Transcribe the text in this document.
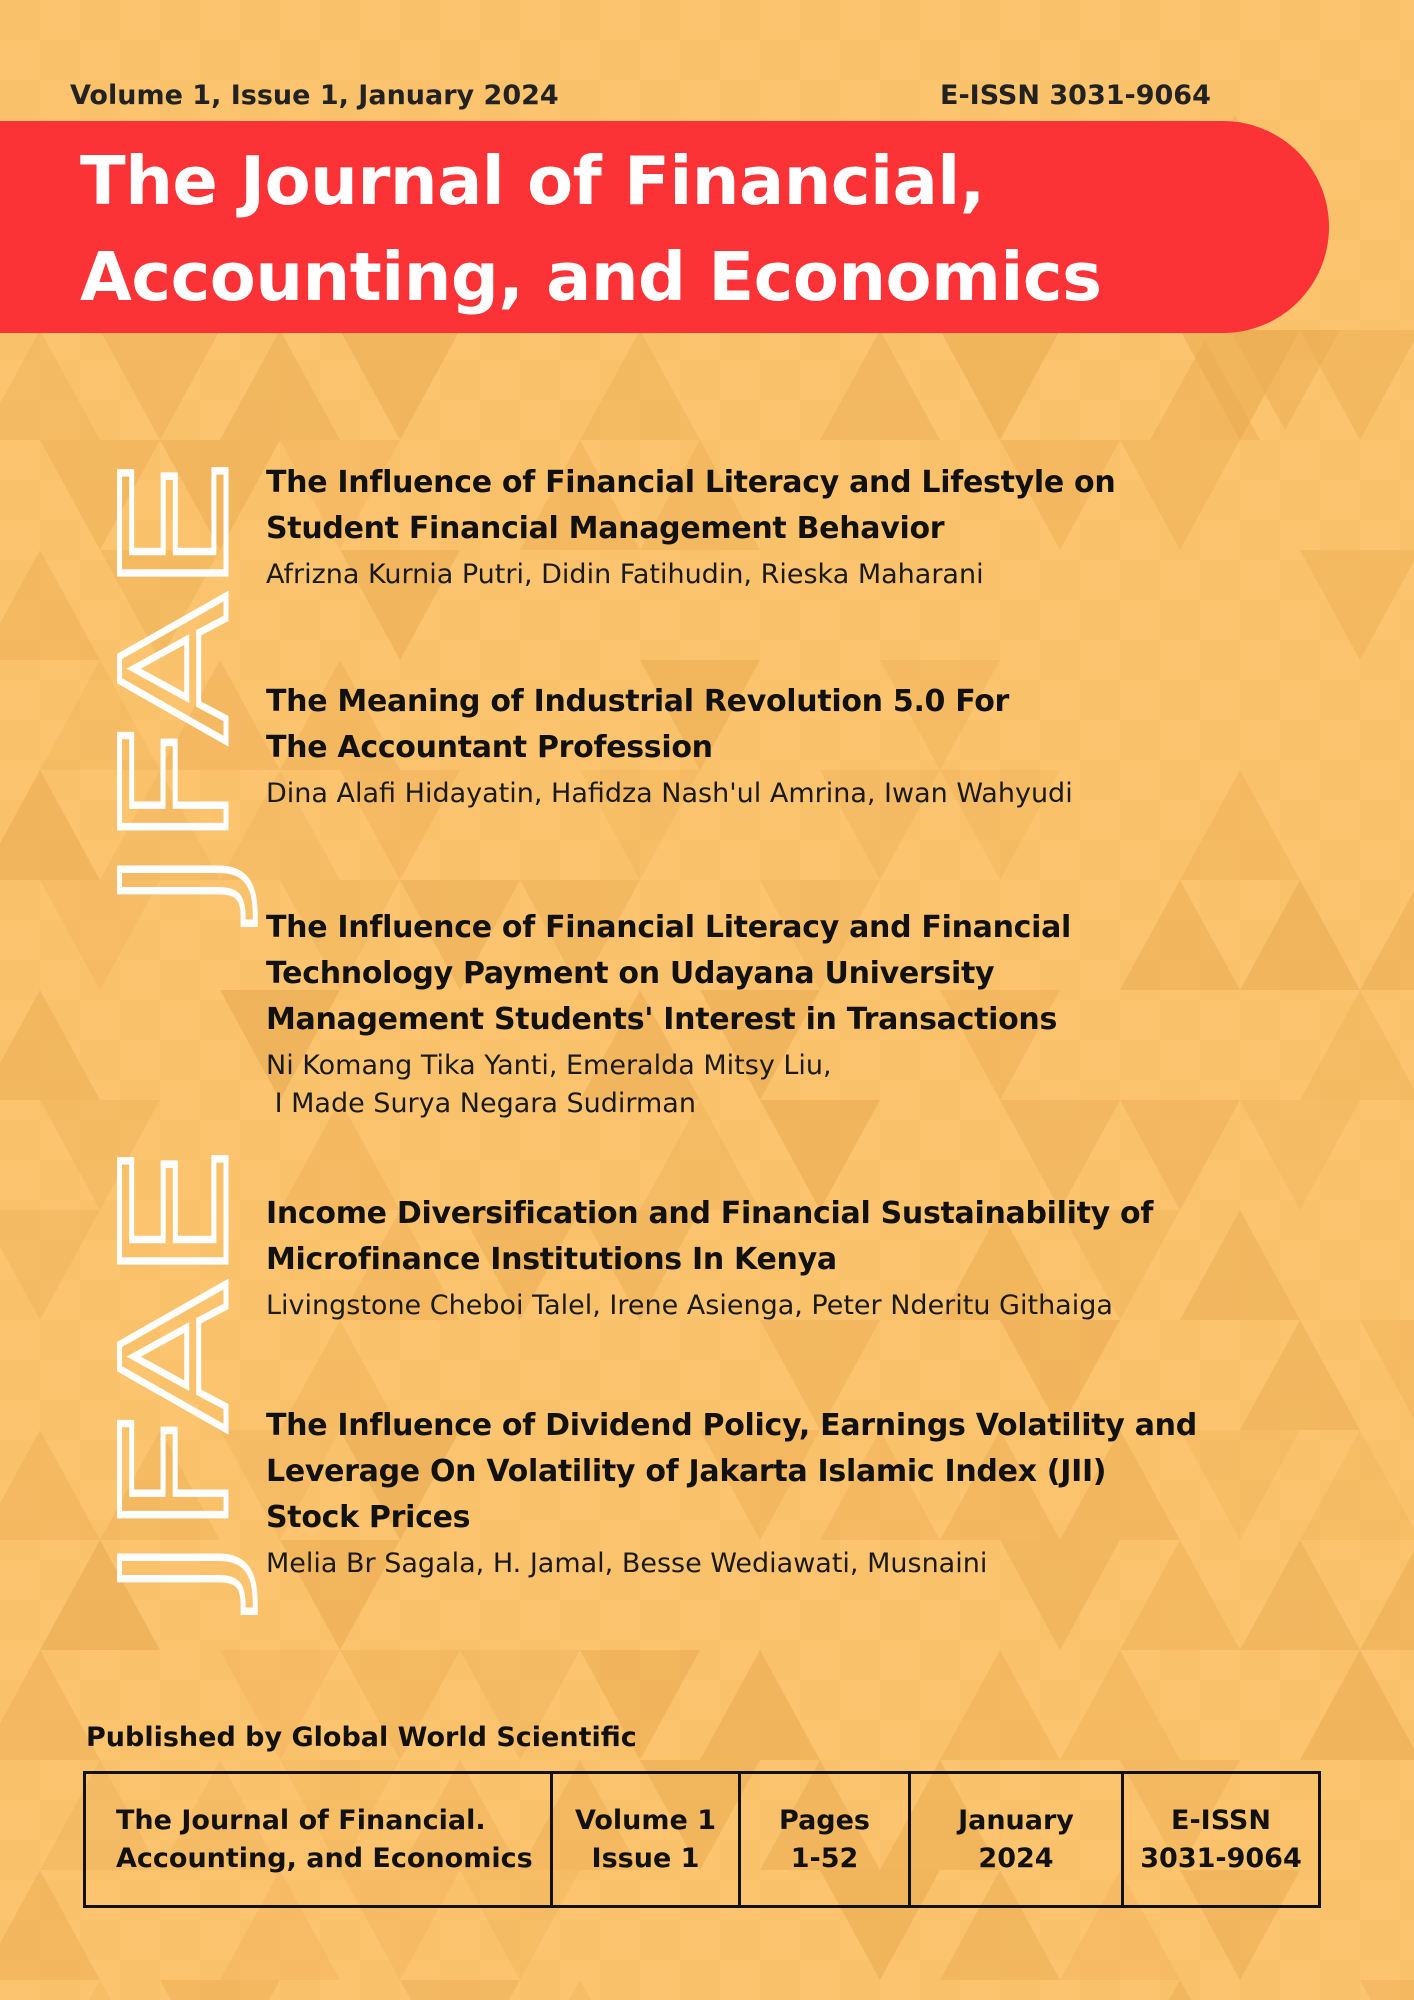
Volume 1, Issue 1, January 2024	E-ISSN 3031-9064
The Journal of Financial,
Accounting, and Economics
JFAE
JFAE
The Influence of Financial Literacy and Lifestyle on
Student Financial Management Behavior
Afrizna Kurnia Putri, Didin Fatihudin, Rieska Maharani
The Meaning of Industrial Revolution 5.0 For
The Accountant Profession
Dina Alafi Hidayatin, Hafidza Nash'ul Amrina, Iwan Wahyudi
The Influence of Financial Literacy and Financial
Technology Payment on Udayana University
Management Students' Interest in Transactions
Ni Komang Tika Yanti, Emeralda Mitsy Liu,
I Made Surya Negara Sudirman
Income Diversification and Financial Sustainability of
Microfinance Institutions In Kenya
Livingstone Cheboi Talel, Irene Asienga, Peter Nderitu Githaiga
The Influence of Dividend Policy, Earnings Volatility and
Leverage On Volatility of Jakarta Islamic Index (JII)
Stock Prices
Melia Br Sagala, H. Jamal, Besse Wediawati, Musnaini
Published by Global World Scientific
The Journal of Financial.
Accounting, and Economics
Volume 1
Issue 1
Pages
1-52
January
2024
E-ISSN
3031-9064
